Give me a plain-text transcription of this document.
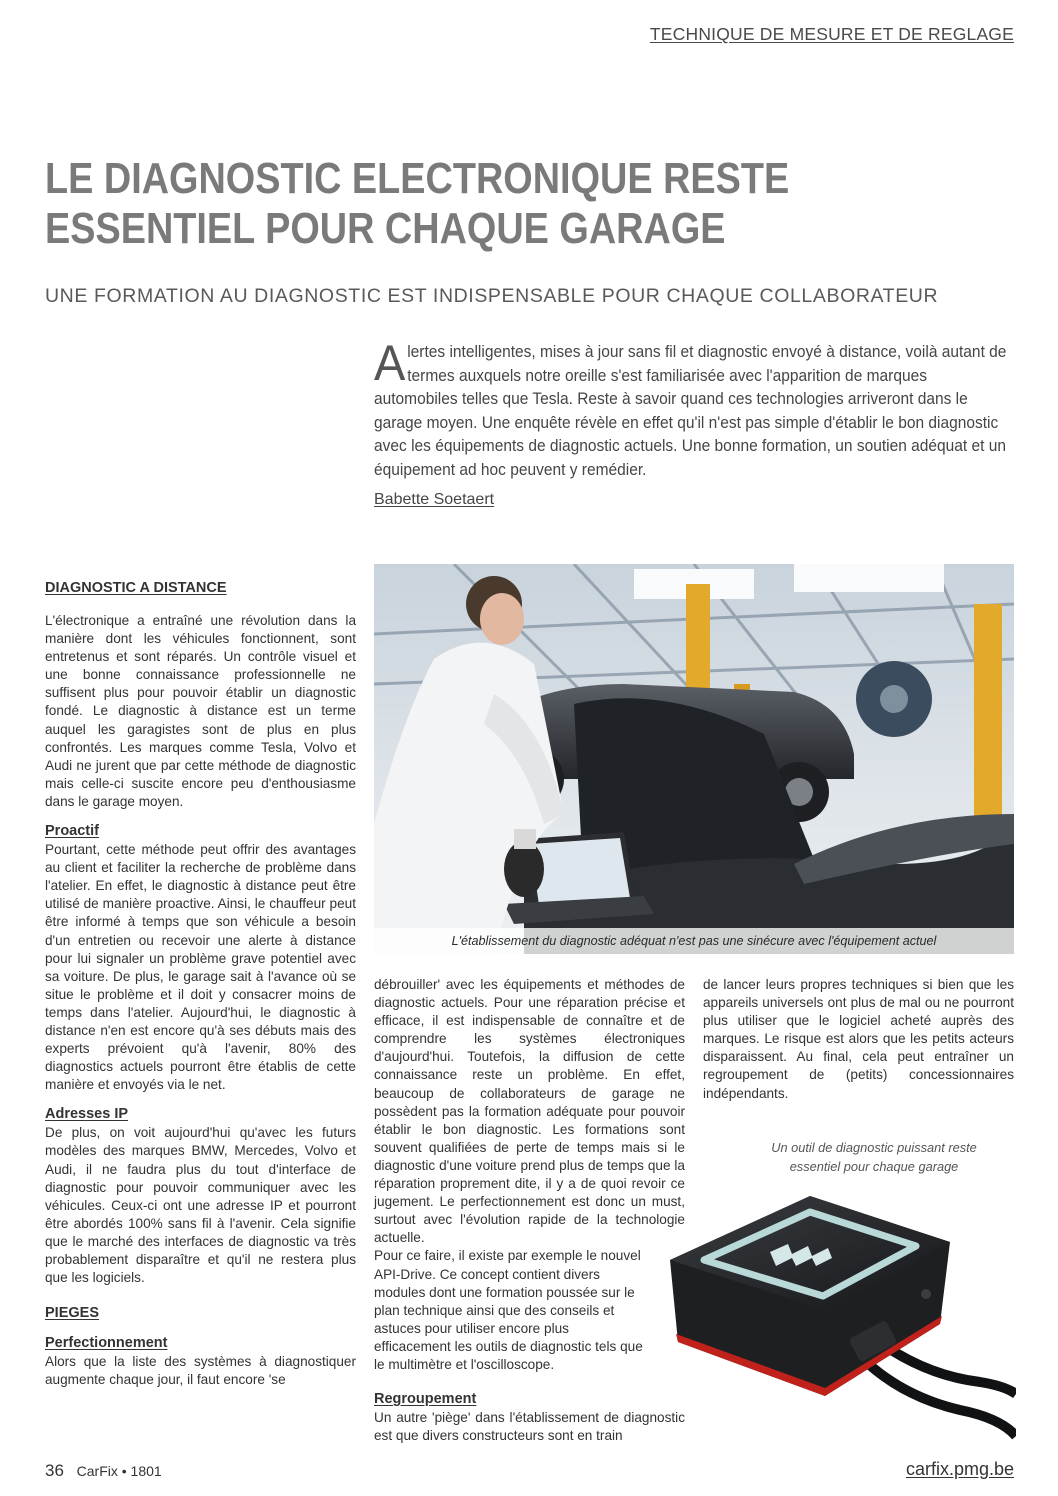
TECHNIQUE DE MESURE ET DE REGLAGE
LE DIAGNOSTIC ELECTRONIQUE RESTE
ESSENTIEL POUR CHAQUE GARAGE
UNE FORMATION AU DIAGNOSTIC EST INDISPENSABLE POUR CHAQUE COLLABORATEUR
A lertes intelligentes, mises à jour sans fil et diagnostic envoyé à distance, voilà autant de termes auxquels notre oreille s'est familiarisée avec l'apparition de marques automobiles telles que Tesla. Reste à savoir quand ces technologies arriveront dans le garage moyen. Une enquête révèle en effet qu'il n'est pas simple d'établir le bon diagnostic avec les équipements de diagnostic actuels. Une bonne formation, un soutien adéquat et un équipement ad hoc peuvent y remédier.
Babette Soetaert
DIAGNOSTIC A DISTANCE

L'électronique a entraîné une révolution dans la manière dont les véhicules fonctionnent, sont entretenus et sont réparés. Un contrôle visuel et une bonne connaissance professionnelle ne suffisent plus pour pouvoir établir un diagnostic fondé. Le diagnostic à distance est un terme auquel les garagistes sont de plus en plus confrontés. Les marques comme Tesla, Volvo et Audi ne jurent que par cette méthode de diagnostic mais celle-ci suscite encore peu d'enthousiasme dans le garage moyen.

Proactif

Pourtant, cette méthode peut offrir des avantages au client et faciliter la recherche de problème dans l'atelier. En effet, le diagnostic à distance peut être utilisé de manière proactive. Ainsi, le chauffeur peut être informé à temps que son véhicule a besoin d'un entretien ou recevoir une alerte à distance pour lui signaler un problème grave potentiel avec sa voiture. De plus, le garage sait à l'avance où se situe le problème et il doit y consacrer moins de temps dans l'atelier. Aujourd'hui, le diagnostic à distance n'en est encore qu'à ses débuts mais des experts prévoient qu'à l'avenir, 80% des diagnostics actuels pourront être établis de cette manière et envoyés via le net.

Adresses IP

De plus, on voit aujourd'hui qu'avec les futurs modèles des marques BMW, Mercedes, Volvo et Audi, il ne faudra plus du tout d'interface de diagnostic pour pouvoir communiquer avec les véhicules. Ceux-ci ont une adresse IP et pourront être abordés 100% sans fil à l'avenir. Cela signifie que le marché des interfaces de diagnostic va très probablement disparaître et qu'il ne restera plus que les logiciels.

PIEGES
Perfectionnement

Alors que la liste des systèmes à diagnostiquer augmente chaque jour, il faut encore 'se

L'établissement du diagnostic adéquat n'est pas une sinécure avec l'équipement actuel

débrouiller' avec les équipements et méthodes de diagnostic actuels. Pour une réparation précise et efficace, il est indispensable de connaître et de comprendre les systèmes électroniques d'aujourd'hui. Toutefois, la diffusion de cette connaissance reste un problème. En effet, beaucoup de collaborateurs de garage ne possèdent pas la formation adéquate pour pouvoir établir le bon diagnostic. Les formations sont souvent qualifiées de perte de temps mais si le diagnostic d'une voiture prend plus de temps que la réparation proprement dite, il y a de quoi revoir ce jugement. Le perfectionnement est donc un must, surtout avec l'évolution rapide de la technologie actuelle.

Pour ce faire, il existe par exemple le nouvel API-Drive. Ce concept contient divers modules dont une formation poussée sur le plan technique ainsi que des conseils et astuces pour utiliser encore plus efficacement les outils de diagnostic tels que le multimètre et l'oscilloscope.

Regroupement

Un autre 'piège' dans l'établissement de diagnostic est que divers constructeurs sont en train

de lancer leurs propres techniques si bien que les appareils universels ont plus de mal ou ne pourront plus utiliser que le logiciel acheté auprès des marques. Le risque est alors que les petits acteurs disparaissent. Au final, cela peut entraîner un regroupement de (petits) concessionnaires indépendants.

Un outil de diagnostic puissant reste
essentiel pour chaque garage
36 CarFix • 1801	carfix.pmg.be
